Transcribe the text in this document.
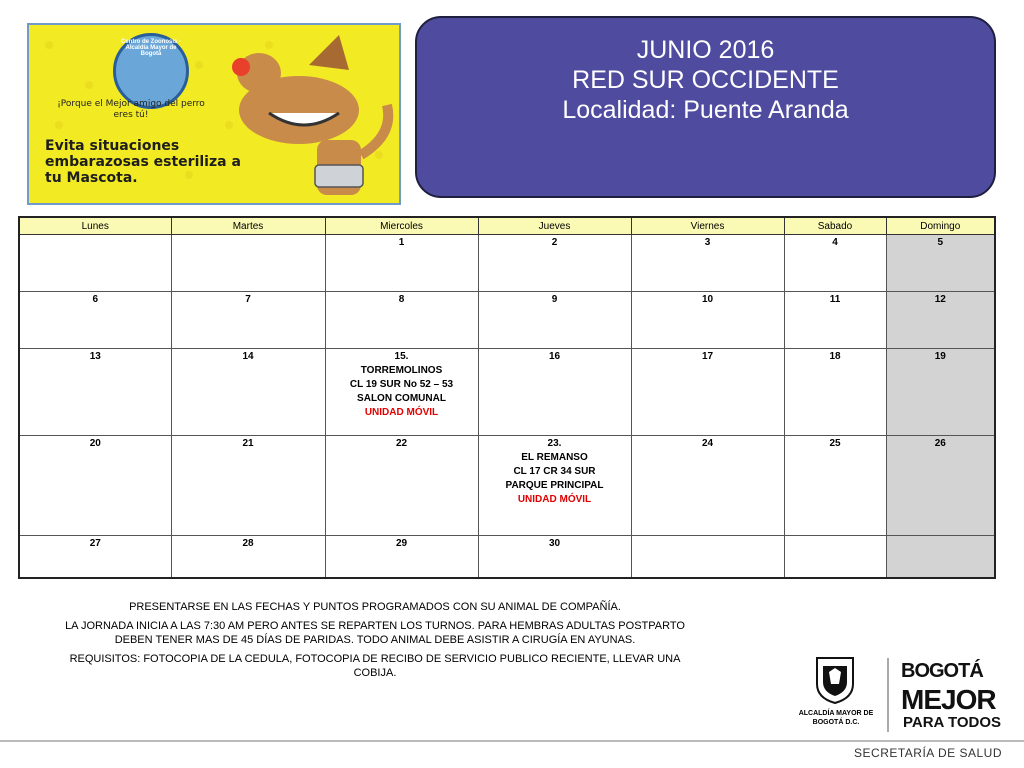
Centro de Zoonosis · Alcaldía Mayor de Bogotá
¡Porque el Mejor amigo del perro eres tú!
Evita situaciones embarazosas esteriliza a tu Mascota.
JUNIO 2016
RED SUR OCCIDENTE
Localidad: Puente Aranda
Lunes	Martes	Miercoles	Jueves	Viernes	Sabado	Domingo
		1	2	3	4	5
6	7	8	9	10	11	12
13	14	15.
TORREMOLINOS
CL 19 SUR No 52 – 53
SALON COMUNAL
UNIDAD MÓVIL	16	17	18	19
20	21	22	23.
EL REMANSO
CL 17 CR 34 SUR
PARQUE PRINCIPAL
UNIDAD MÓVIL	24	25	26
27	28	29	30			

PRESENTARSE EN LAS FECHAS Y PUNTOS PROGRAMADOS CON SU ANIMAL DE COMPAÑÍA.

LA JORNADA INICIA A LAS 7:30 AM PERO ANTES SE REPARTEN LOS TURNOS. PARA HEMBRAS ADULTAS POSTPARTO DEBEN TENER MAS DE 45 DÍAS DE PARIDAS. TODO ANIMAL DEBE ASISTIR A CIRUGÍA EN AYUNAS.

REQUISITOS: FOTOCOPIA DE LA CEDULA, FOTOCOPIA DE RECIBO DE SERVICIO PUBLICO RECIENTE, LLEVAR UNA COBIJA.

ALCALDÍA MAYOR DE BOGOTÁ D.C.
BOGOTÁ
MEJOR
PARA TODOS
SECRETARÍA DE SALUD
